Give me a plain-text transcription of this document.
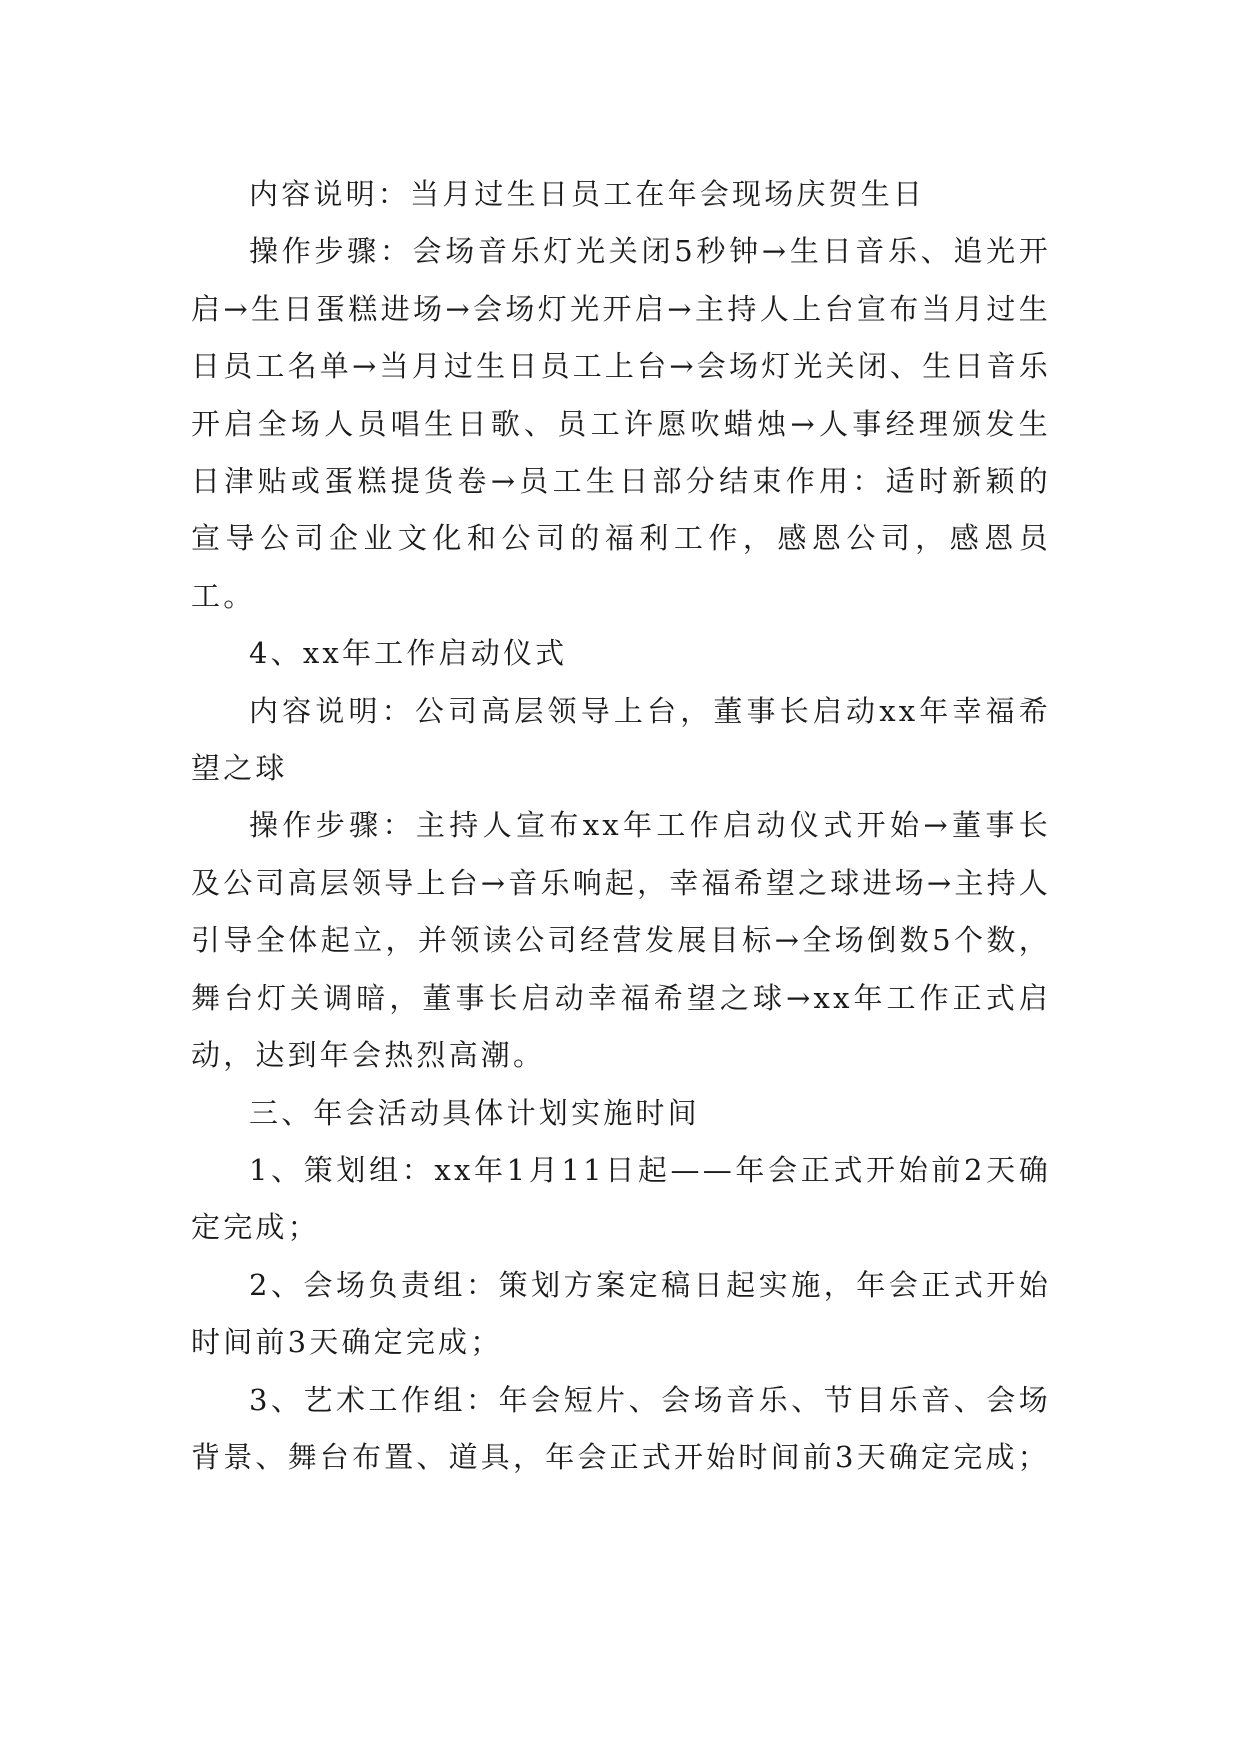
内容说明：当月过生日员工在年会现场庆贺生日

操作步骤：会场音乐灯光关闭5秒钟→生日音乐、追光开启→生日蛋糕进场→会场灯光开启→主持人上台宣布当月过生日员工名单→当月过生日员工上台→会场灯光关闭、生日音乐开启全场人员唱生日歌、员工许愿吹蜡烛→人事经理颁发生日津贴或蛋糕提货卷→员工生日部分结束作用：适时新颖的宣导公司企业文化和公司的福利工作，感恩公司，感恩员工。

4、xx年工作启动仪式

内容说明：公司高层领导上台，董事长启动xx年幸福希望之球

操作步骤：主持人宣布xx年工作启动仪式开始→董事长及公司高层领导上台→音乐响起，幸福希望之球进场→主持人引导全体起立，并领读公司经营发展目标→全场倒数5个数，舞台灯关调暗，董事长启动幸福希望之球→xx年工作正式启动，达到年会热烈高潮。

三、年会活动具体计划实施时间

1、策划组：xx年1月11日起——年会正式开始前2天确定完成；

2、会场负责组：策划方案定稿日起实施，年会正式开始时间前3天确定完成；

3、艺术工作组：年会短片、会场音乐、节目乐音、会场背景、舞台布置、道具，年会正式开始时间前3天确定完成；
